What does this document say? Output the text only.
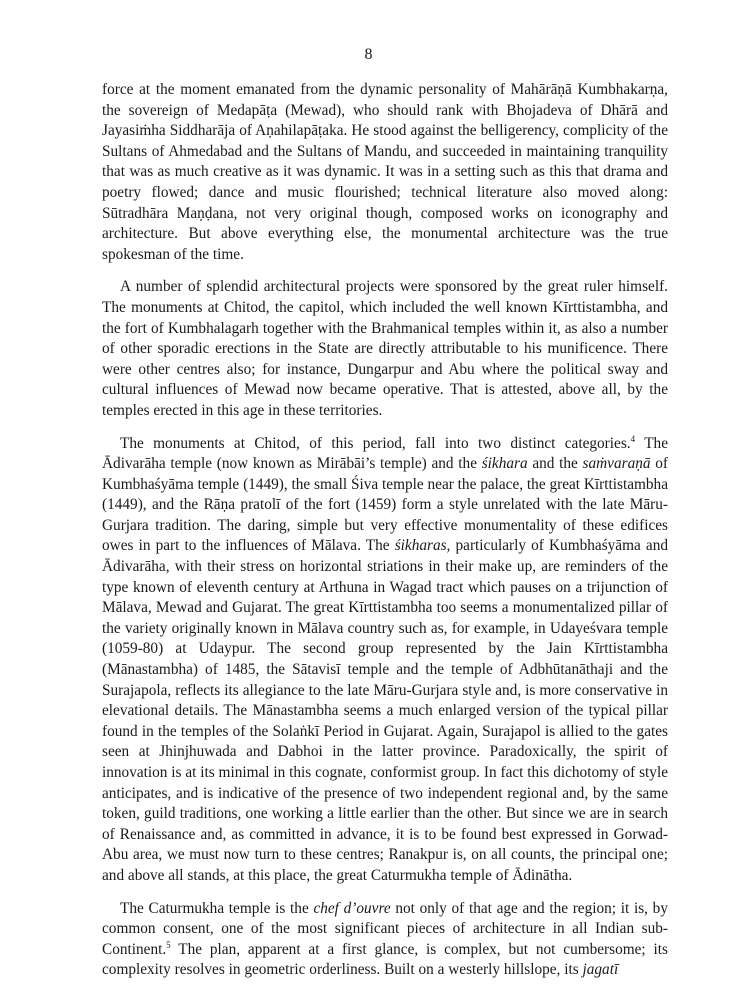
8

force at the moment emanated from the dynamic personality of Mahārāṇā Kumbhakarṇa, the sovereign of Medapāṭa (Mewad), who should rank with Bhojadeva of Dhārā and Jayasiṁha Siddharāja of Aṇahilapāṭaka. He stood against the belligerency, complicity of the Sultans of Ahmedabad and the Sultans of Mandu, and succeeded in maintaining tranquility that was as much creative as it was dynamic. It was in a setting such as this that drama and poetry flowed; dance and music flourished; technical literature also moved along: Sūtradhāra Maṇḍana, not very original though, composed works on iconography and architecture. But above everything else, the monumental architecture was the true spokesman of the time.

A number of splendid architectural projects were sponsored by the great ruler himself. The monuments at Chitod, the capitol, which included the well known Kīrttistambha, and the fort of Kumbhalagarh together with the Brahmanical temples within it, as also a number of other sporadic erections in the State are directly attributable to his munificence. There were other centres also; for instance, Dungarpur and Abu where the political sway and cultural influences of Mewad now became operative. That is attested, above all, by the temples erected in this age in these territories.

The monuments at Chitod, of this period, fall into two distinct categories.$^4$ The Ādivarāha temple (now known as Mirābāi’s temple) and the śikhara and the saṁvaraṇā of Kumbhaśyāma temple (1449), the small Śiva temple near the palace, the great Kīrttistambha (1449), and the Rāṇa pratolī of the fort (1459) form a style unrelated with the late Māru-Gurjara tradition. The daring, simple but very effective monumentality of these edifices owes in part to the influences of Mālava. The śikharas, particularly of Kumbhaśyāma and Ādivarāha, with their stress on horizontal striations in their make up, are reminders of the type known of eleventh century at Arthuna in Wagad tract which pauses on a trijunction of Mālava, Mewad and Gujarat. The great Kīrttistambha too seems a monumentalized pillar of the variety originally known in Mālava country such as, for example, in Udayeśvara temple (1059-80) at Udaypur. The second group represented by the Jain Kīrttistambha (Mānastambha) of 1485, the Sātavisī temple and the temple of Adbhūtanāthaji and the Surajapola, reflects its allegiance to the late Māru-Gurjara style and, is more conservative in elevational details. The Mānastambha seems a much enlarged version of the typical pillar found in the temples of the Solaṅkī Period in Gujarat. Again, Surajapol is allied to the gates seen at Jhinjhuwada and Dabhoi in the latter province. Paradoxically, the spirit of innovation is at its minimal in this cognate, conformist group. In fact this dichotomy of style anticipates, and is indicative of the presence of two independent regional and, by the same token, guild traditions, one working a little earlier than the other. But since we are in search of Renaissance and, as committed in advance, it is to be found best expressed in Gorwad-Abu area, we must now turn to these centres; Ranakpur is, on all counts, the principal one; and above all stands, at this place, the great Caturmukha temple of Ādinātha.

The Caturmukha temple is the chef d’ouvre not only of that age and the region; it is, by common consent, one of the most significant pieces of architecture in all Indian sub-Continent.$^5$ The plan, apparent at a first glance, is complex, but not cumbersome; its complexity resolves in geometric orderliness. Built on a westerly hillslope, its jagatī
